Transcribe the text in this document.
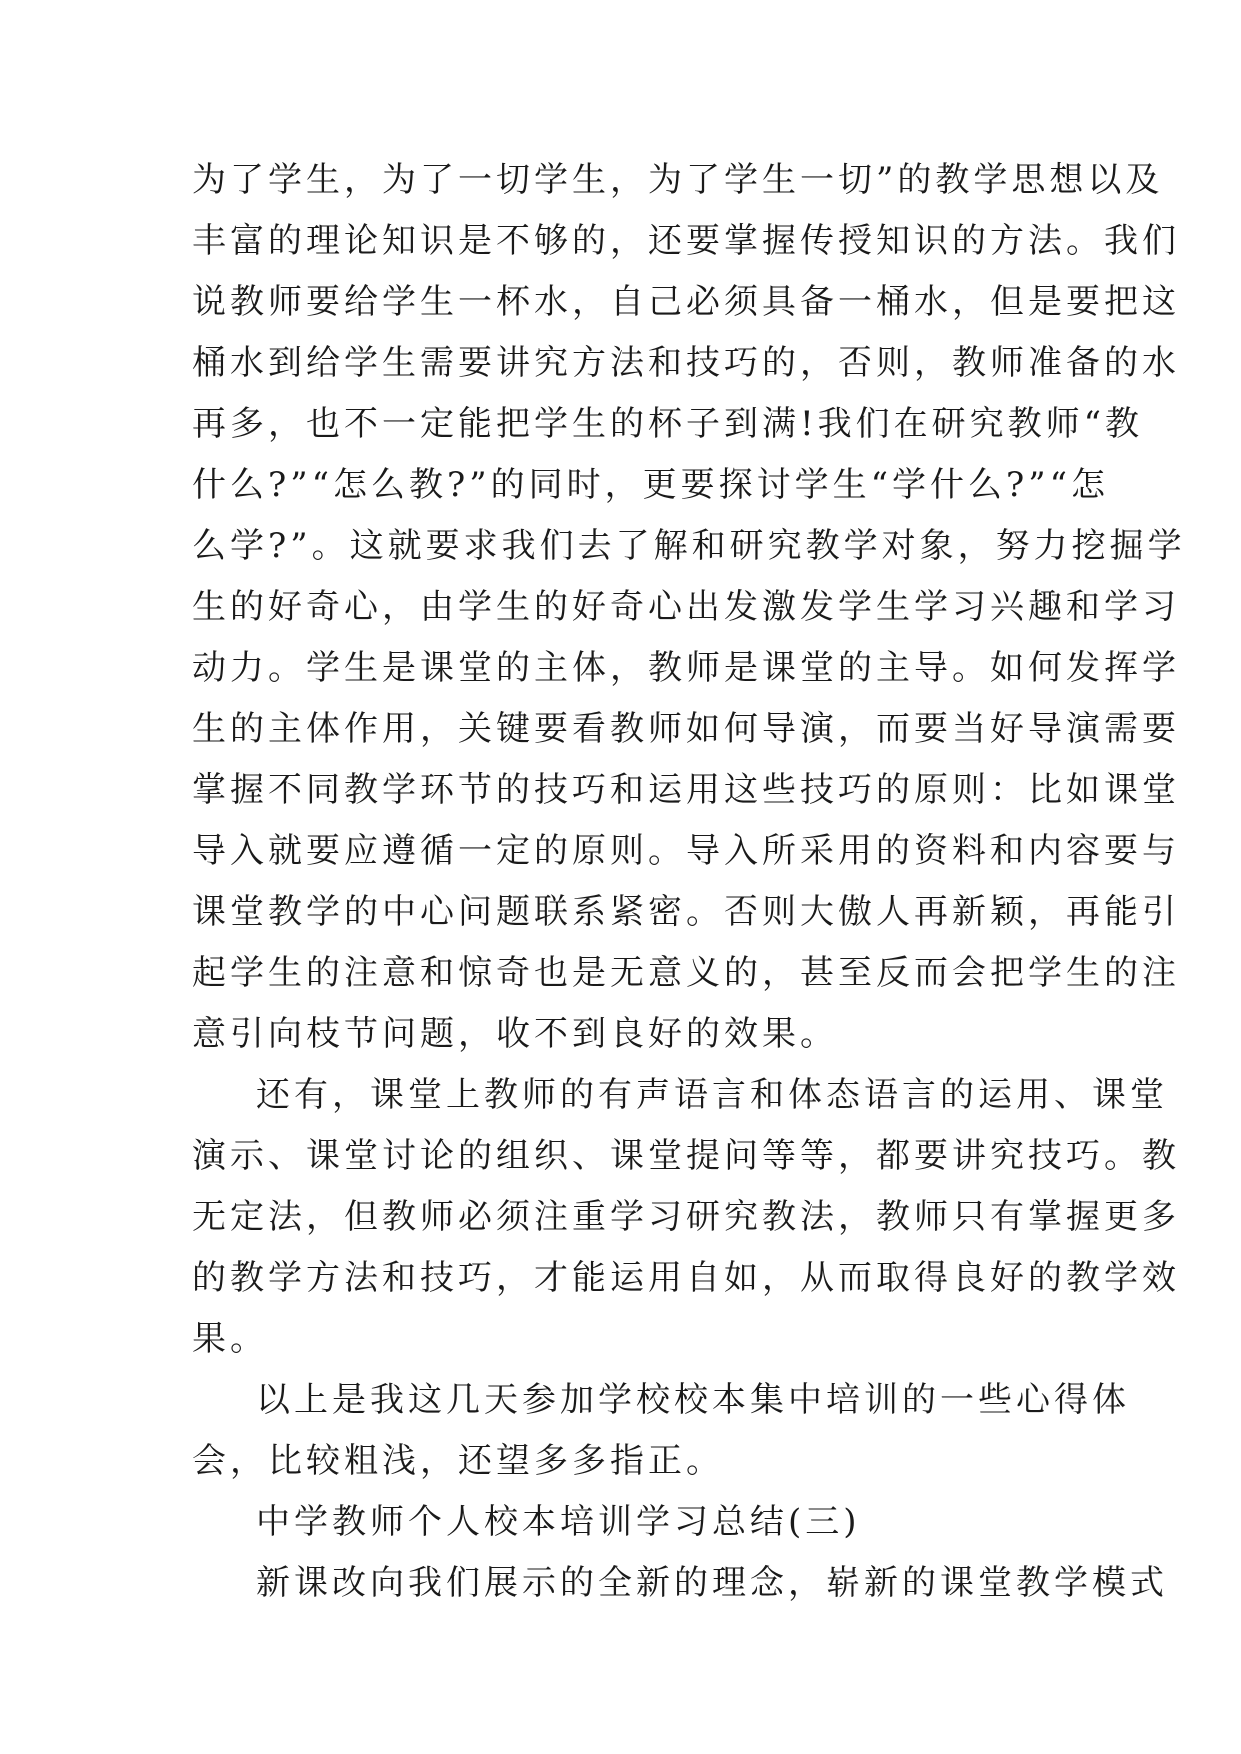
为了学生，为了一切学生，为了学生一切”的教学思想以及
丰富的理论知识是不够的，还要掌握传授知识的方法。我们
说教师要给学生一杯水，自己必须具备一桶水，但是要把这
桶水到给学生需要讲究方法和技巧的，否则，教师准备的水
再多，也不一定能把学生的杯子到满!我们在研究教师“教
什么?”“怎么教?”的同时，更要探讨学生“学什么?”“怎
么学?”。这就要求我们去了解和研究教学对象，努力挖掘学
生的好奇心，由学生的好奇心出发激发学生学习兴趣和学习
动力。学生是课堂的主体，教师是课堂的主导。如何发挥学
生的主体作用，关键要看教师如何导演，而要当好导演需要
掌握不同教学环节的技巧和运用这些技巧的原则：比如课堂
导入就要应遵循一定的原则。导入所采用的资料和内容要与
课堂教学的中心问题联系紧密。否则大傲人再新颖，再能引
起学生的注意和惊奇也是无意义的，甚至反而会把学生的注
意引向枝节问题，收不到良好的效果。
还有，课堂上教师的有声语言和体态语言的运用、课堂
演示、课堂讨论的组织、课堂提问等等，都要讲究技巧。教
无定法，但教师必须注重学习研究教法，教师只有掌握更多
的教学方法和技巧，才能运用自如，从而取得良好的教学效
果。
以上是我这几天参加学校校本集中培训的一些心得体
会，比较粗浅，还望多多指正。
中学教师个人校本培训学习总结(三)
新课改向我们展示的全新的理念，崭新的课堂教学模式
